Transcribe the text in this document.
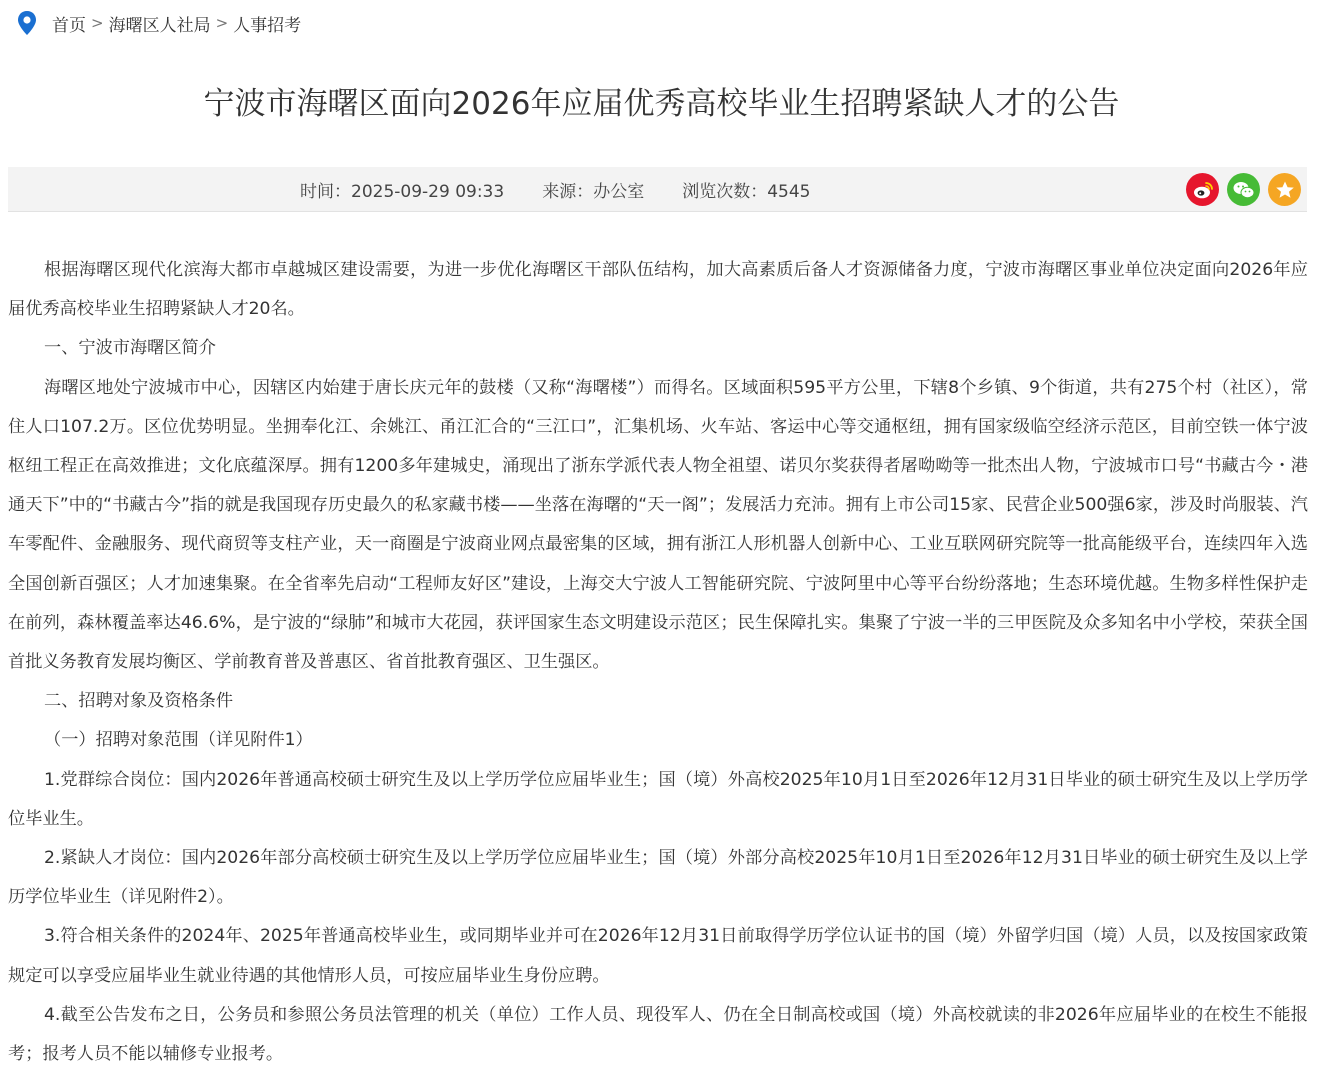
首页 > 海曙区人社局 > 人事招考
宁波市海曙区面向2026年应届优秀高校毕业生招聘紧缺人才的公告
时间：2025-09-29 09:33 来源：办公室 浏览次数：4545

根据海曙区现代化滨海大都市卓越城区建设需要，为进一步优化海曙区干部队伍结构，加大高素质后备人才资源储备力度，宁波市海曙区事业单位决定面向2026年应届优秀高校毕业生招聘紧缺人才20名。

一、宁波市海曙区简介

海曙区地处宁波城市中心，因辖区内始建于唐长庆元年的鼓楼（又称“海曙楼”）而得名。区域面积595平方公里，下辖8个乡镇、9个街道，共有275个村（社区），常住人口107.2万。区位优势明显。坐拥奉化江、余姚江、甬江汇合的“三江口”，汇集机场、火车站、客运中心等交通枢纽，拥有国家级临空经济示范区，目前空铁一体宁波枢纽工程正在高效推进；文化底蕴深厚。拥有1200多年建城史，涌现出了浙东学派代表人物全祖望、诺贝尔奖获得者屠呦呦等一批杰出人物，宁波城市口号“书藏古今・港通天下”中的“书藏古今”指的就是我国现存历史最久的私家藏书楼——坐落在海曙的“天一阁”；发展活力充沛。拥有上市公司15家、民营企业500强6家，涉及时尚服装、汽车零配件、金融服务、现代商贸等支柱产业，天一商圈是宁波商业网点最密集的区域，拥有浙江人形机器人创新中心、工业互联网研究院等一批高能级平台，连续四年入选全国创新百强区；人才加速集聚。在全省率先启动“工程师友好区”建设，上海交大宁波人工智能研究院、宁波阿里中心等平台纷纷落地；生态环境优越。生物多样性保护走在前列，森林覆盖率达46.6%，是宁波的“绿肺”和城市大花园，获评国家生态文明建设示范区；民生保障扎实。集聚了宁波一半的三甲医院及众多知名中小学校，荣获全国首批义务教育发展均衡区、学前教育普及普惠区、省首批教育强区、卫生强区。

二、招聘对象及资格条件

（一）招聘对象范围（详见附件1）

1.党群综合岗位：国内2026年普通高校硕士研究生及以上学历学位应届毕业生；国（境）外高校2025年10月1日至2026年12月31日毕业的硕士研究生及以上学历学位毕业生。

2.紧缺人才岗位：国内2026年部分高校硕士研究生及以上学历学位应届毕业生；国（境）外部分高校2025年10月1日至2026年12月31日毕业的硕士研究生及以上学历学位毕业生（详见附件2）。

3.符合相关条件的2024年、2025年普通高校毕业生，或同期毕业并可在2026年12月31日前取得学历学位认证书的国（境）外留学归国（境）人员，以及按国家政策规定可以享受应届毕业生就业待遇的其他情形人员，可按应届毕业生身份应聘。

4.截至公告发布之日，公务员和参照公务员法管理的机关（单位）工作人员、现役军人、仍在全日制高校或国（境）外高校就读的非2026年应届毕业的在校生不能报考；报考人员不能以辅修专业报考。
